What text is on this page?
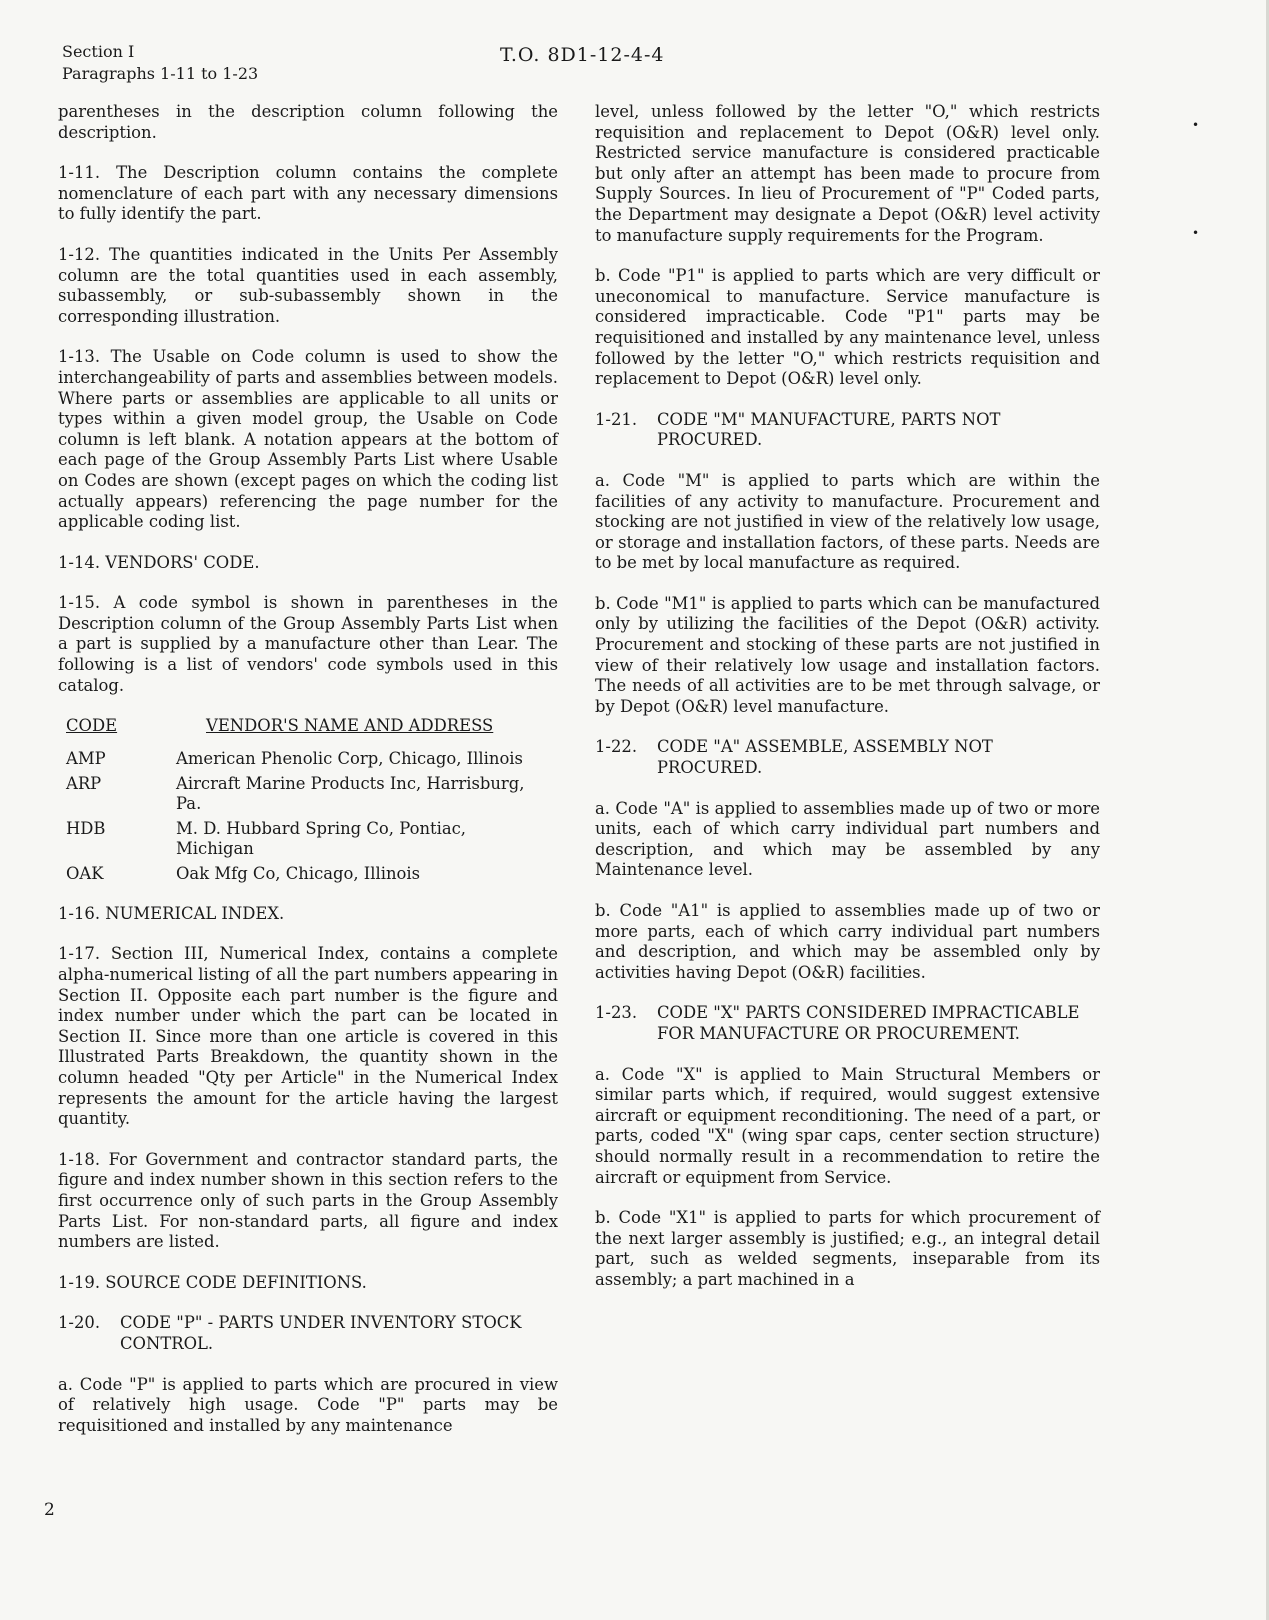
Section I
Paragraphs 1-11 to 1-23
T.O. 8D1-12-4-4

parentheses in the description column following the description.

1-11. The Description column contains the complete nomenclature of each part with any necessary dimensions to fully identify the part.

1-12. The quantities indicated in the Units Per Assembly column are the total quantities used in each assembly, subassembly, or sub-subassembly shown in the corresponding illustration.

1-13. The Usable on Code column is used to show the interchangeability of parts and assemblies between models. Where parts or assemblies are applicable to all units or types within a given model group, the Usable on Code column is left blank. A notation appears at the bottom of each page of the Group Assembly Parts List where Usable on Codes are shown (except pages on which the coding list actually appears) referencing the page number for the applicable coding list.

1-14. VENDORS' CODE.

1-15. A code symbol is shown in parentheses in the Description column of the Group Assembly Parts List when a part is supplied by a manufacture other than Lear. The following is a list of vendors' code symbols used in this catalog.

CODE	VENDOR'S NAME AND ADDRESS
AMP	American Phenolic Corp, Chicago, Illinois
ARP	Aircraft Marine Products Inc, Harrisburg, Pa.
HDB	M. D. Hubbard Spring Co, Pontiac, Michigan
OAK	Oak Mfg Co, Chicago, Illinois

1-16. NUMERICAL INDEX.

1-17. Section III, Numerical Index, contains a complete alpha-numerical listing of all the part numbers appearing in Section II. Opposite each part number is the figure and index number under which the part can be located in Section II. Since more than one article is covered in this Illustrated Parts Breakdown, the quantity shown in the column headed "Qty per Article" in the Numerical Index represents the amount for the article having the largest quantity.

1-18. For Government and contractor standard parts, the figure and index number shown in this section refers to the first occurrence only of such parts in the Group Assembly Parts List. For non-standard parts, all figure and index numbers are listed.

1-19. SOURCE CODE DEFINITIONS.

1-20.	CODE "P" - PARTS UNDER INVENTORY STOCK CONTROL.

a. Code "P" is applied to parts which are procured in view of relatively high usage. Code "P" parts may be requisitioned and installed by any maintenance

level, unless followed by the letter "O," which restricts requisition and replacement to Depot (O&R) level only. Restricted service manufacture is considered practicable but only after an attempt has been made to procure from Supply Sources. In lieu of Procurement of "P" Coded parts, the Department may designate a Depot (O&R) level activity to manufacture supply requirements for the Program.

b. Code "P1" is applied to parts which are very difficult or uneconomical to manufacture. Service manufacture is considered impracticable. Code "P1" parts may be requisitioned and installed by any maintenance level, unless followed by the letter "O," which restricts requisition and replacement to Depot (O&R) level only.

1-21.	CODE "M" MANUFACTURE, PARTS NOT PROCURED.

a. Code "M" is applied to parts which are within the facilities of any activity to manufacture. Procurement and stocking are not justified in view of the relatively low usage, or storage and installation factors, of these parts. Needs are to be met by local manufacture as required.

b. Code "M1" is applied to parts which can be manufactured only by utilizing the facilities of the Depot (O&R) activity. Procurement and stocking of these parts are not justified in view of their relatively low usage and installation factors. The needs of all activities are to be met through salvage, or by Depot (O&R) level manufacture.

1-22.	CODE "A" ASSEMBLE, ASSEMBLY NOT PROCURED.

a. Code "A" is applied to assemblies made up of two or more units, each of which carry individual part numbers and description, and which may be assembled by any Maintenance level.

b. Code "A1" is applied to assemblies made up of two or more parts, each of which carry individual part numbers and description, and which may be assembled only by activities having Depot (O&R) facilities.

1-23.	CODE "X" PARTS CONSIDERED IMPRACTICABLE FOR MANUFACTURE OR PROCUREMENT.

a. Code "X" is applied to Main Structural Members or similar parts which, if required, would suggest extensive aircraft or equipment reconditioning. The need of a part, or parts, coded "X" (wing spar caps, center section structure) should normally result in a recommendation to retire the aircraft or equipment from Service.

b. Code "X1" is applied to parts for which procurement of the next larger assembly is justified; e.g., an integral detail part, such as welded segments, inseparable from its assembly; a part machined in a

2
•
•
